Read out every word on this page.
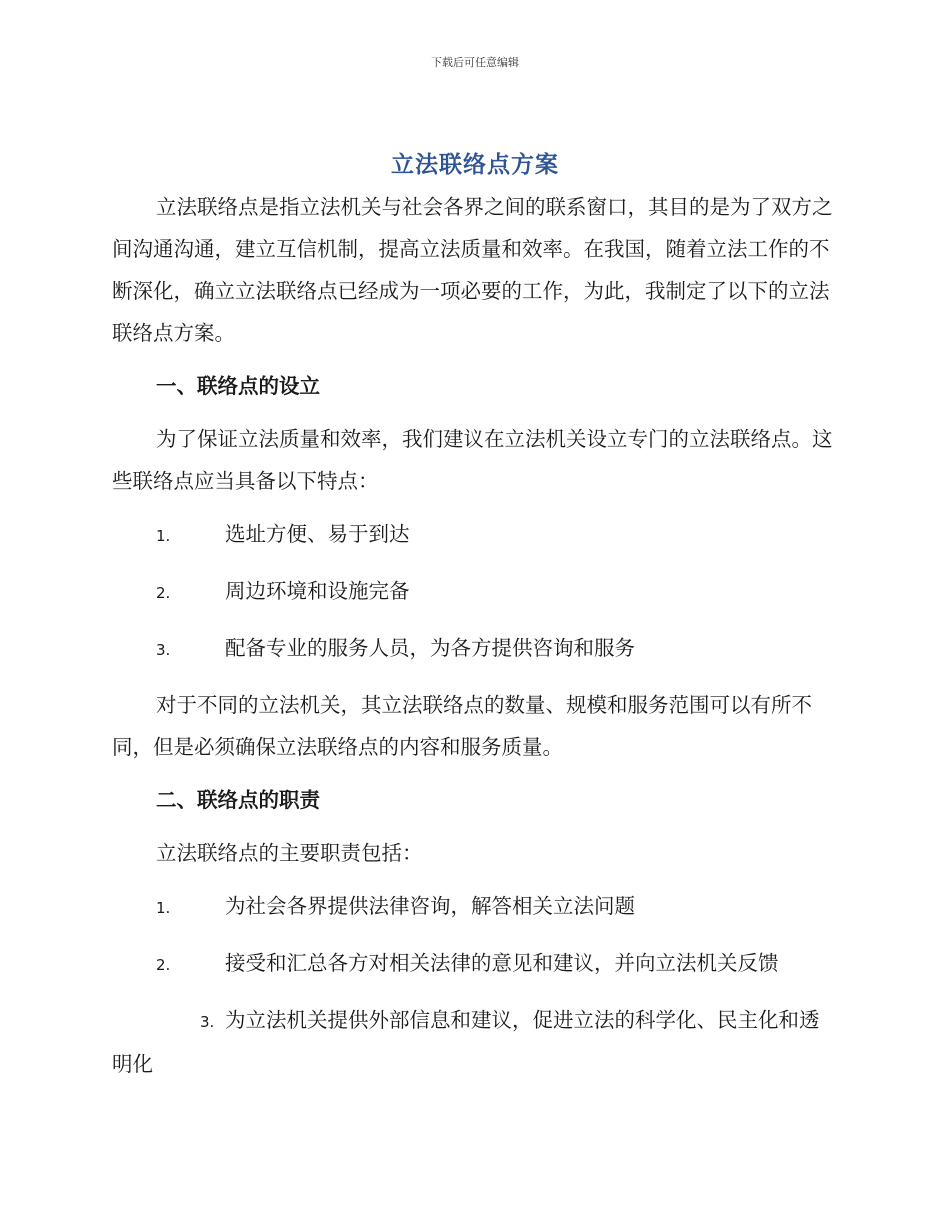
下载后可任意编辑
立法联络点方案

立法联络点是指立法机关与社会各界之间的联系窗口，其目的是为了双方之间沟通沟通，建立互信机制，提高立法质量和效率。在我国，随着立法工作的不断深化，确立立法联络点已经成为一项必要的工作，为此，我制定了以下的立法联络点方案。

一、联络点的设立

为了保证立法质量和效率，我们建议在立法机关设立专门的立法联络点。这些联络点应当具备以下特点：

1.	选址方便、易于到达
2.	周边环境和设施完备
3.	配备专业的服务人员，为各方提供咨询和服务

对于不同的立法机关，其立法联络点的数量、规模和服务范围可以有所不同，但是必须确保立法联络点的内容和服务质量。

二、联络点的职责

立法联络点的主要职责包括：

1.	为社会各界提供法律咨询，解答相关立法问题
2.	接受和汇总各方对相关法律的意见和建议，并向立法机关反馈
3. 为立法机关提供外部信息和建议，促进立法的科学化、民主化和透明化
